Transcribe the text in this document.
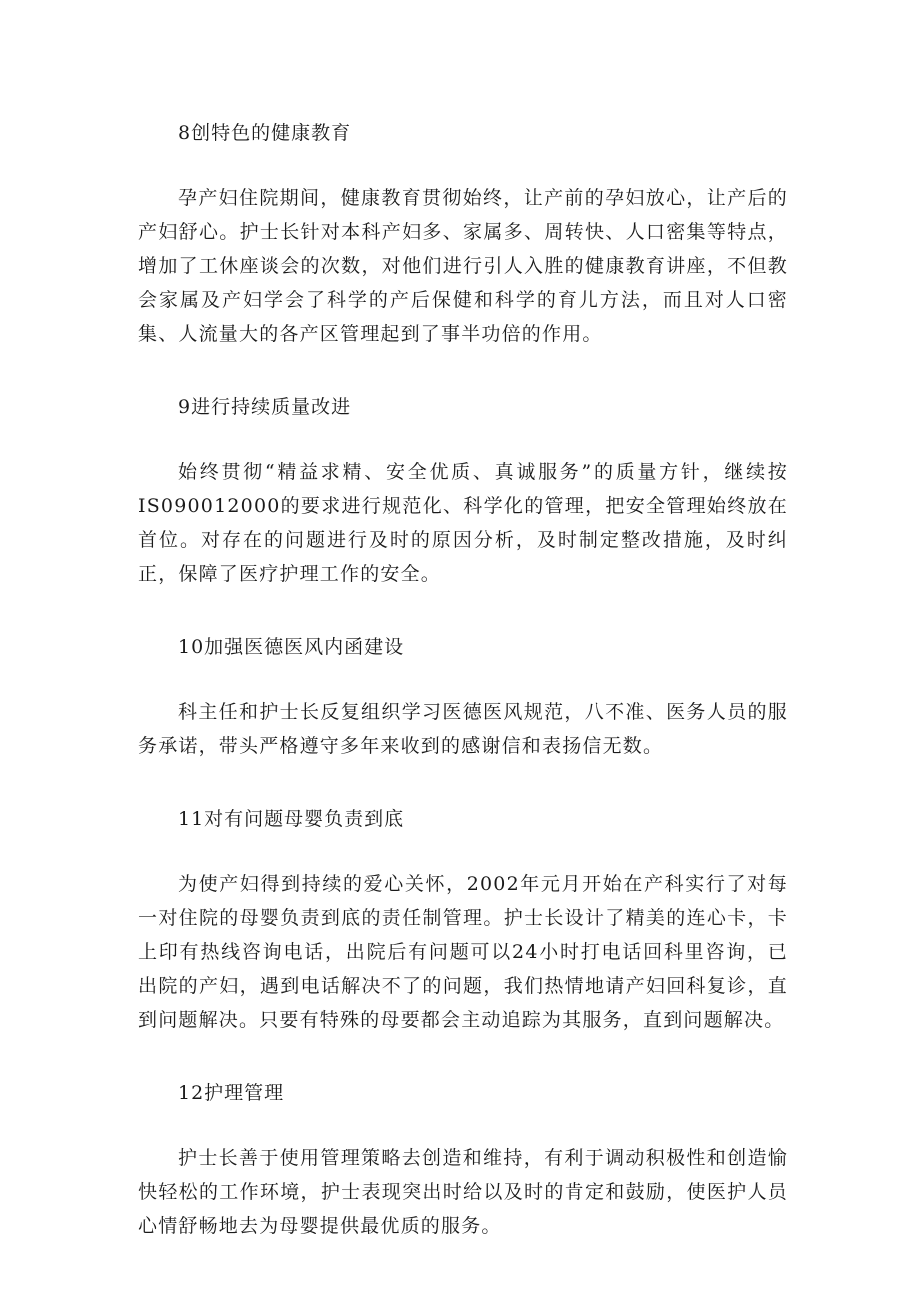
8创特色的健康教育

孕产妇住院期间，健康教育贯彻始终，让产前的孕妇放心，让产后的产妇舒心。护士长针对本科产妇多、家属多、周转快、人口密集等特点，增加了工休座谈会的次数，对他们进行引人入胜的健康教育讲座，不但教会家属及产妇学会了科学的产后保健和科学的育儿方法，而且对人口密集、人流量大的各产区管理起到了事半功倍的作用。

9进行持续质量改进

始终贯彻“精益求精、安全优质、真诚服务”的质量方针，继续按IS090012000的要求进行规范化、科学化的管理，把安全管理始终放在首位。对存在的问题进行及时的原因分析，及时制定整改措施，及时纠正，保障了医疗护理工作的安全。

10加强医德医风内函建设

科主任和护士长反复组织学习医德医风规范，八不准、医务人员的服务承诺，带头严格遵守多年来收到的感谢信和表扬信无数。

11对有问题母婴负责到底

为使产妇得到持续的爱心关怀，2002年元月开始在产科实行了对每一对住院的母婴负责到底的责任制管理。护士长设计了精美的连心卡，卡上印有热线咨询电话，出院后有问题可以24小时打电话回科里咨询，已出院的产妇，遇到电话解决不了的问题，我们热情地请产妇回科复诊，直到问题解决。只要有特殊的母要都会主动追踪为其服务，直到问题解决。

12护理管理

护士长善于使用管理策略去创造和维持，有利于调动积极性和创造愉快轻松的工作环境，护士表现突出时给以及时的肯定和鼓励，使医护人员心情舒畅地去为母婴提供最优质的服务。
